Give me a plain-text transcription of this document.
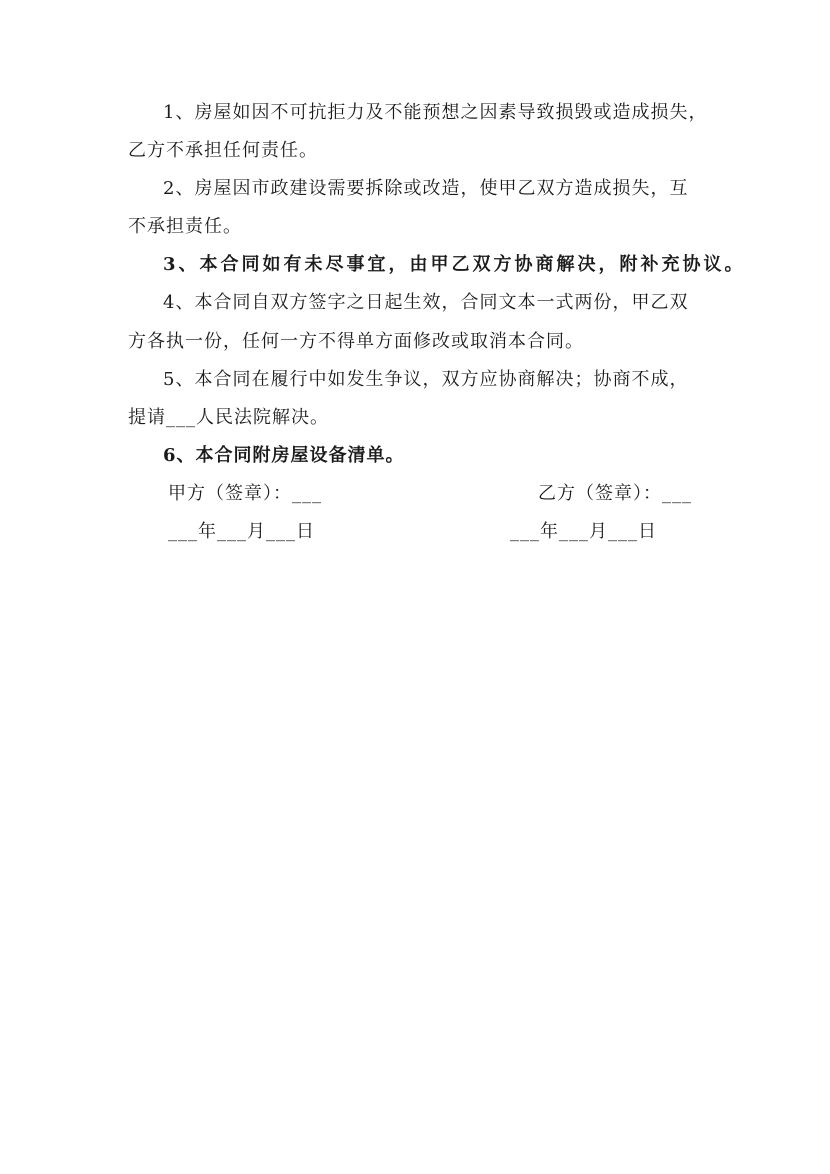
1、房屋如因不可抗拒力及不能预想之因素导致损毁或造成损失，
乙方不承担任何责任。
2、房屋因市政建设需要拆除或改造，使甲乙双方造成损失，互
不承担责任。
3、本合同如有未尽事宜，由甲乙双方协商解决，附补充协议。
4、本合同自双方签字之日起生效，合同文本一式两份，甲乙双
方各执一份，任何一方不得单方面修改或取消本合同。
5、本合同在履行中如发生争议，双方应协商解决；协商不成，
提请___人民法院解决。
6、本合同附房屋设备清单。
甲方（签章）：___	乙方（签章）：___
___年___月___日	___年___月___日
